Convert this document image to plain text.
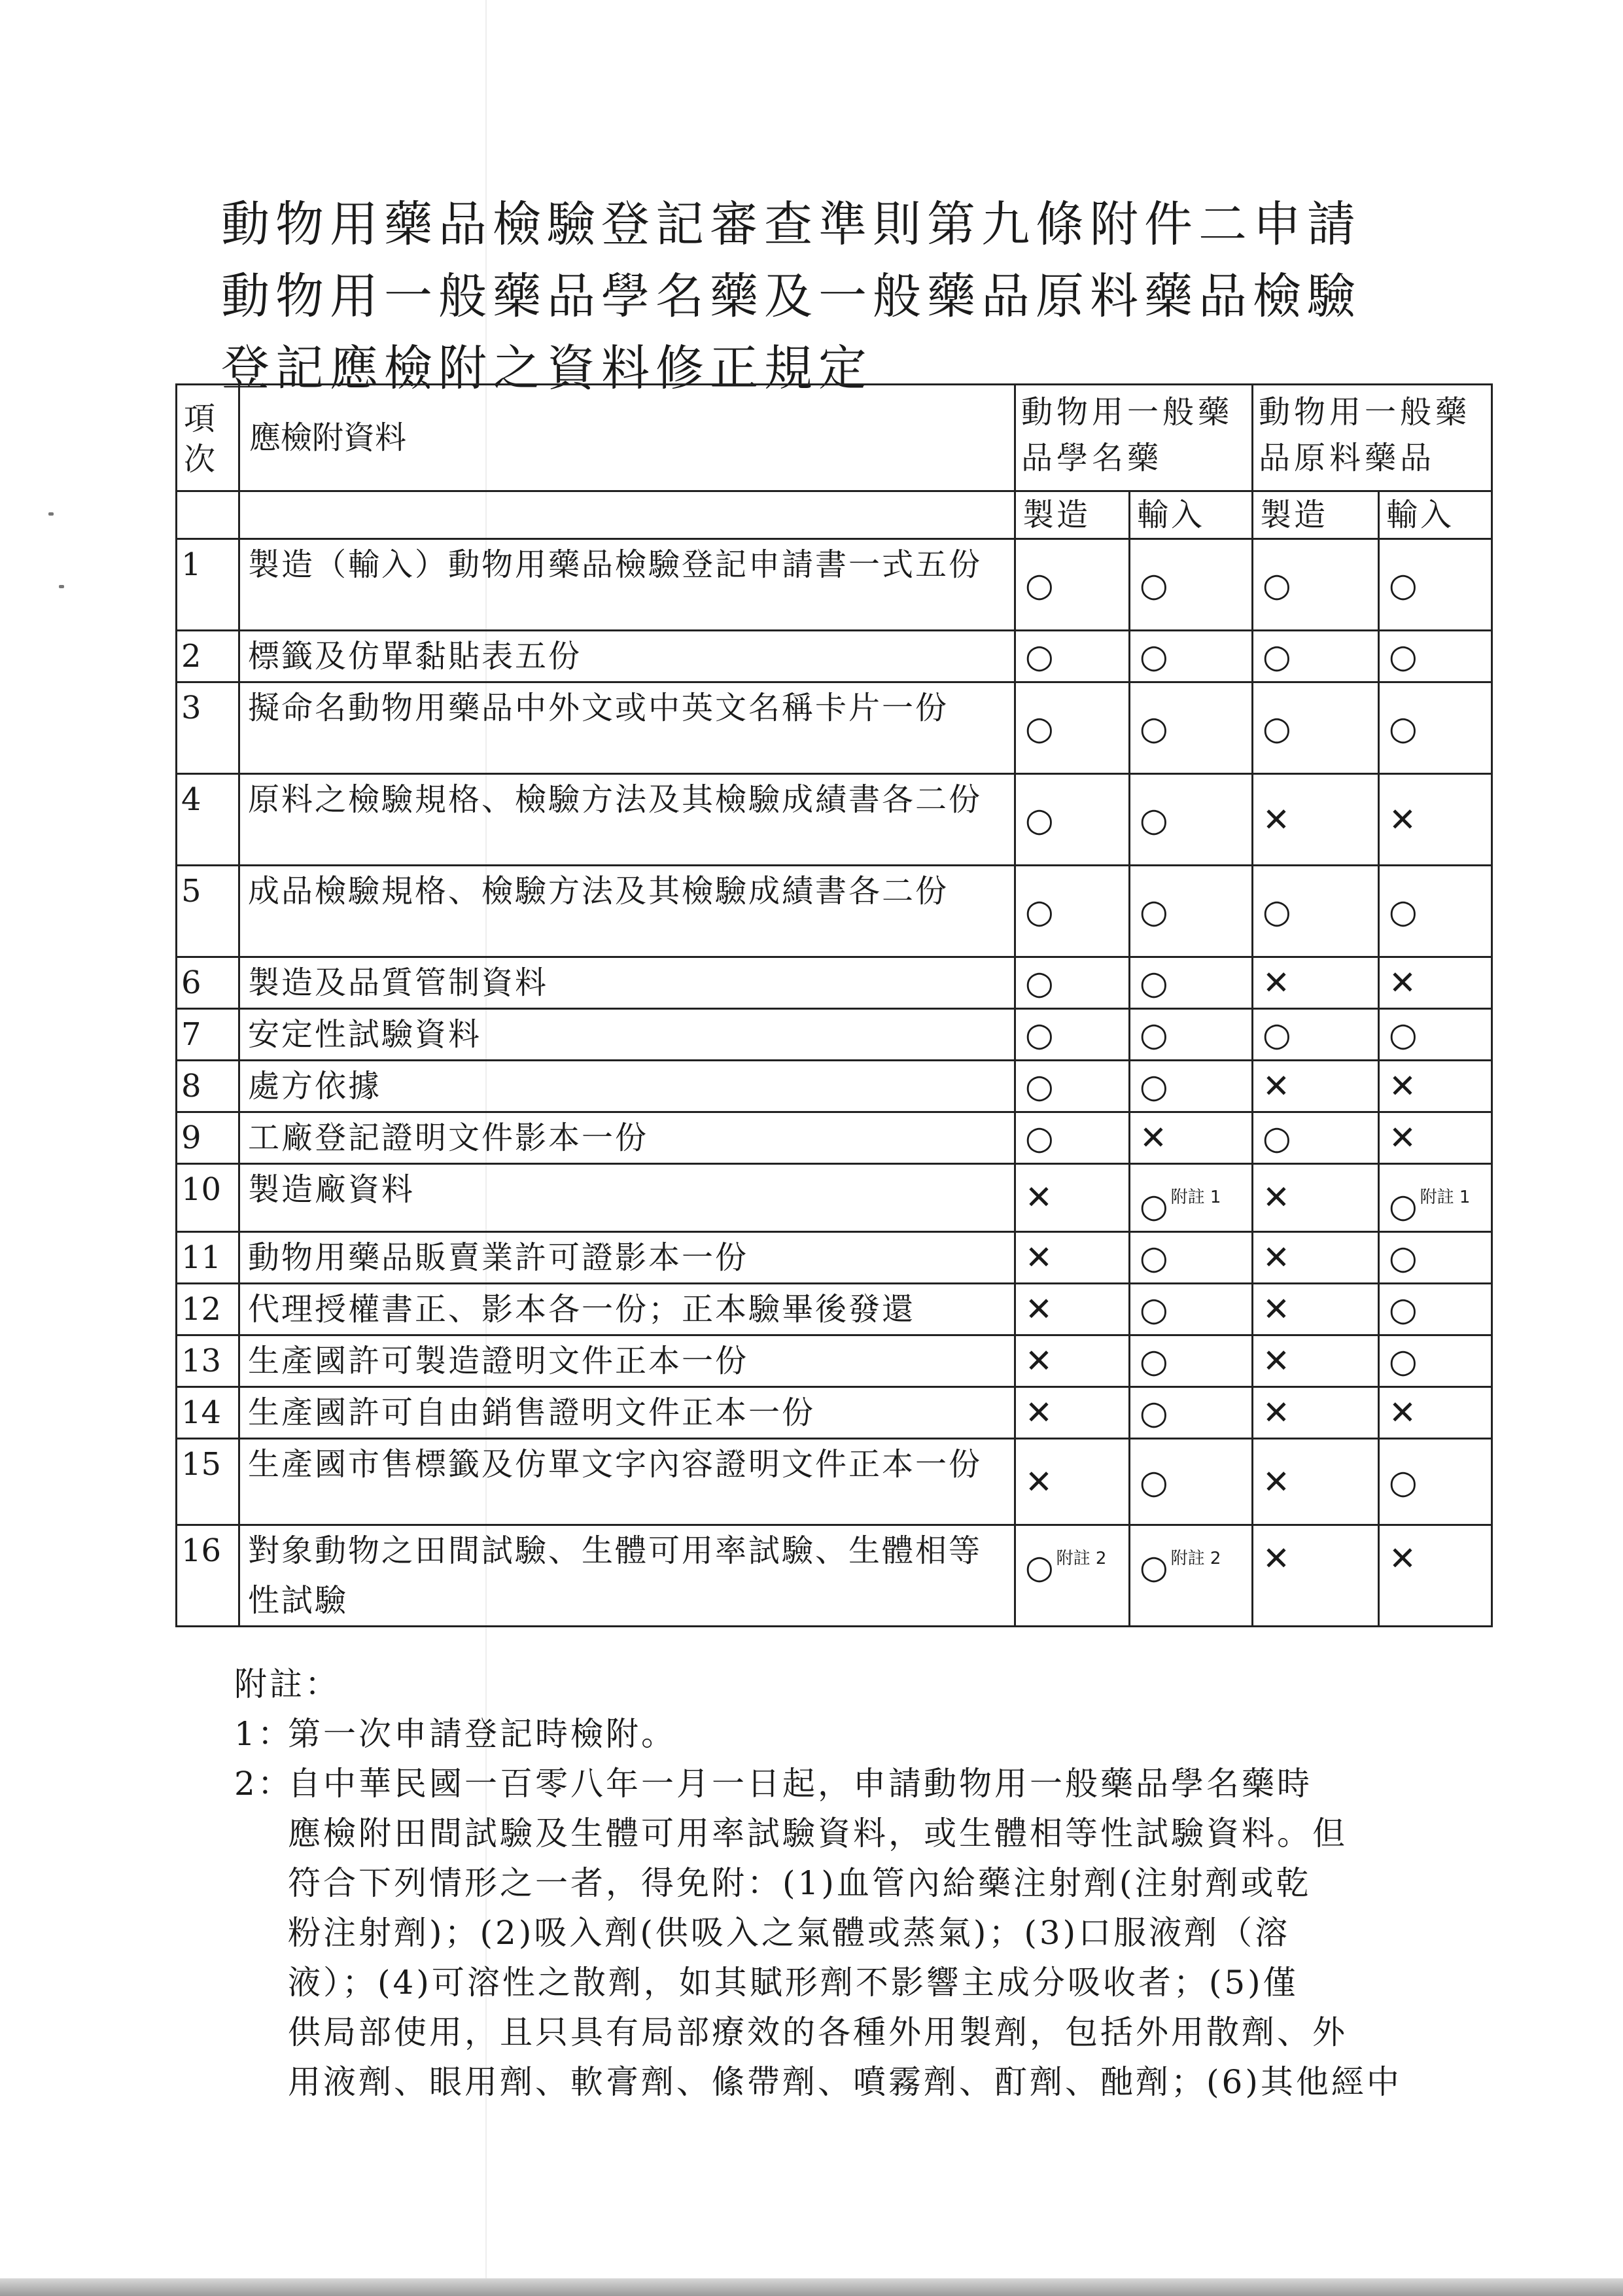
動物用藥品檢驗登記審查準則第九條附件二申請
動物用一般藥品學名藥及一般藥品原料藥品檢驗
登記應檢附之資料修正規定
項次	應檢附資料	動物用一般藥品學名藥		動物用一般藥品原料藥品	
		製造	輸入	製造	輸入
1	製造（輸入）動物用藥品檢驗登記申請書一式五份	○	○	○	○
2	標籤及仿單黏貼表五份	○	○	○	○
3	擬命名動物用藥品中外文或中英文名稱卡片一份	○	○	○	○
4	原料之檢驗規格、檢驗方法及其檢驗成績書各二份	○	○	✕	✕
5	成品檢驗規格、檢驗方法及其檢驗成績書各二份	○	○	○	○
6	製造及品質管制資料	○	○	✕	✕
7	安定性試驗資料	○	○	○	○
8	處方依據	○	○	✕	✕
9	工廠登記證明文件影本一份	○	✕	○	✕
10	製造廠資料	✕	○ $^{附註 1}$	✕	○ $^{附註 1}$
11	動物用藥品販賣業許可證影本一份	✕	○	✕	○
12	代理授權書正、影本各一份；正本驗畢後發還	✕	○	✕	○
13	生產國許可製造證明文件正本一份	✕	○	✕	○
14	生產國許可自由銷售證明文件正本一份	✕	○	✕	✕
15	生產國市售標籤及仿單文字內容證明文件正本一份	✕	○	✕	○
16	對象動物之田間試驗、生體可用率試驗、生體相等性試驗	○ $^{附註 2}$	○ $^{附註 2}$	✕	✕
附註：
1：
第一次申請登記時檢附。
2：
自中華民國一百零八年一月一日起，申請動物用一般藥品學名藥時
應檢附田間試驗及生體可用率試驗資料，或生體相等性試驗資料。但
符合下列情形之一者，得免附：(1)血管內給藥注射劑(注射劑或乾
粉注射劑)；(2)吸入劑(供吸入之氣體或蒸氣)；(3)口服液劑（溶
液）；(4)可溶性之散劑，如其賦形劑不影響主成分吸收者；(5)僅
供局部使用，且只具有局部療效的各種外用製劑，包括外用散劑、外
用液劑、眼用劑、軟膏劑、絛帶劑、噴霧劑、酊劑、酏劑；(6)其他經中
